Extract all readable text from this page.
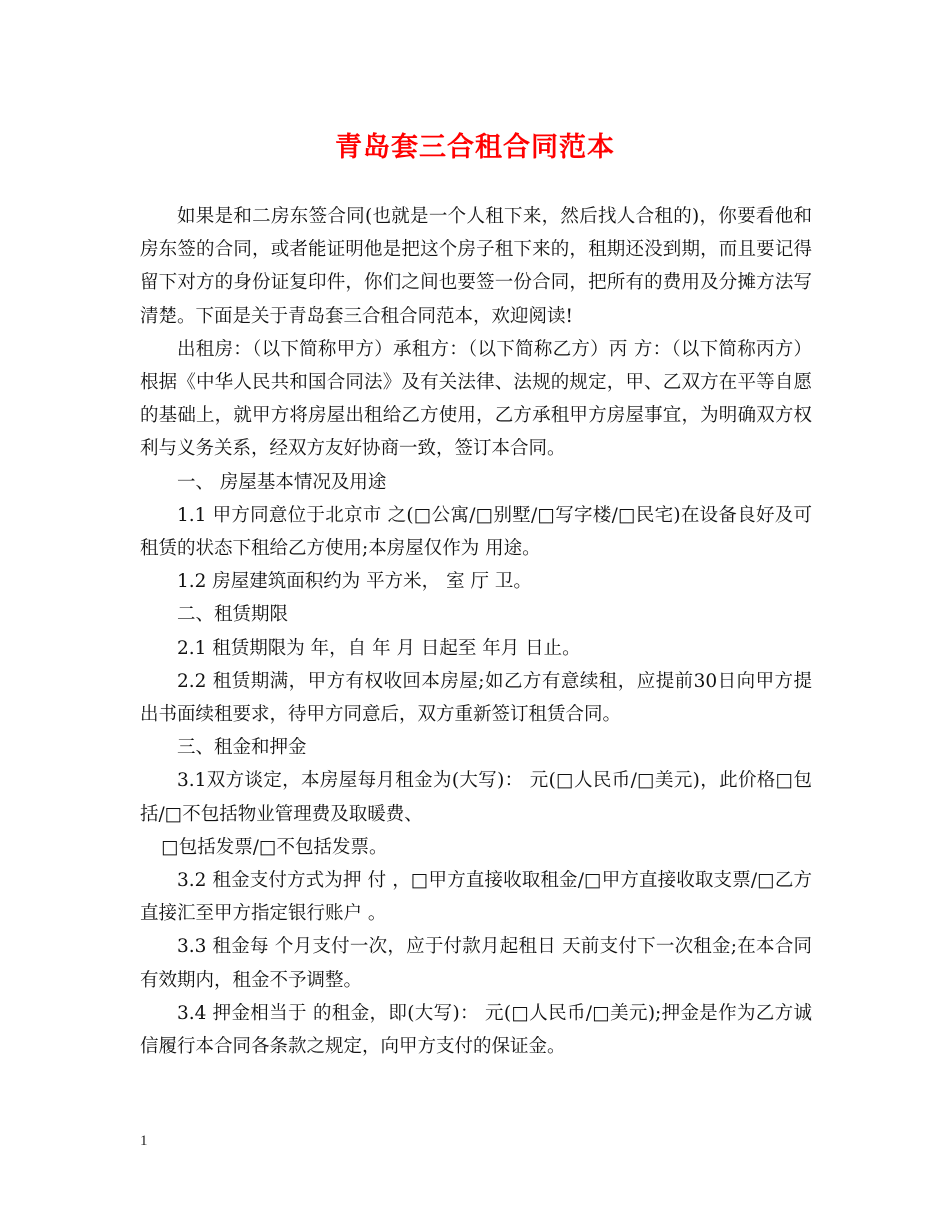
青岛套三合租合同范本

如果是和二房东签合同(也就是一个人租下来，然后找人合租的)，你要看他和房东签的合同，或者能证明他是把这个房子租下来的，租期还没到期，而且要记得留下对方的身份证复印件，你们之间也要签一份合同，把所有的费用及分摊方法写清楚。下面是关于青岛套三合租合同范本，欢迎阅读!

出租房：（以下简称甲方）承租方：（以下简称乙方）丙 方：（以下简称丙方）根据《中华人民共和国合同法》及有关法律、法规的规定，甲、乙双方在平等自愿的基础上，就甲方将房屋出租给乙方使用，乙方承租甲方房屋事宜，为明确双方权利与义务关系，经双方友好协商一致，签订本合同。

一、 房屋基本情况及用途

1.1 甲方同意位于北京市 之(□公寓/□别墅/□写字楼/□民宅)在设备良好及可租赁的状态下租给乙方使用;本房屋仅作为 用途。

1.2 房屋建筑面积约为 平方米， 室 厅 卫。

二、租赁期限

2.1 租赁期限为 年，自 年 月 日起至 年月 日止。

2.2 租赁期满，甲方有权收回本房屋;如乙方有意续租，应提前30日向甲方提出书面续租要求，待甲方同意后，双方重新签订租赁合同。

三、租金和押金

3.1双方谈定，本房屋每月租金为(大写)： 元(□人民币/□美元)，此价格□包括/□不包括物业管理费及取暖费、

□包括发票/□不包括发票。

3.2 租金支付方式为押 付 ，□甲方直接收取租金/□甲方直接收取支票/□乙方直接汇至甲方指定银行账户 。

3.3 租金每 个月支付一次，应于付款月起租日 天前支付下一次租金;在本合同有效期内，租金不予调整。

3.4 押金相当于 的租金，即(大写)： 元(□人民币/□美元);押金是作为乙方诚信履行本合同各条款之规定，向甲方支付的保证金。

1
